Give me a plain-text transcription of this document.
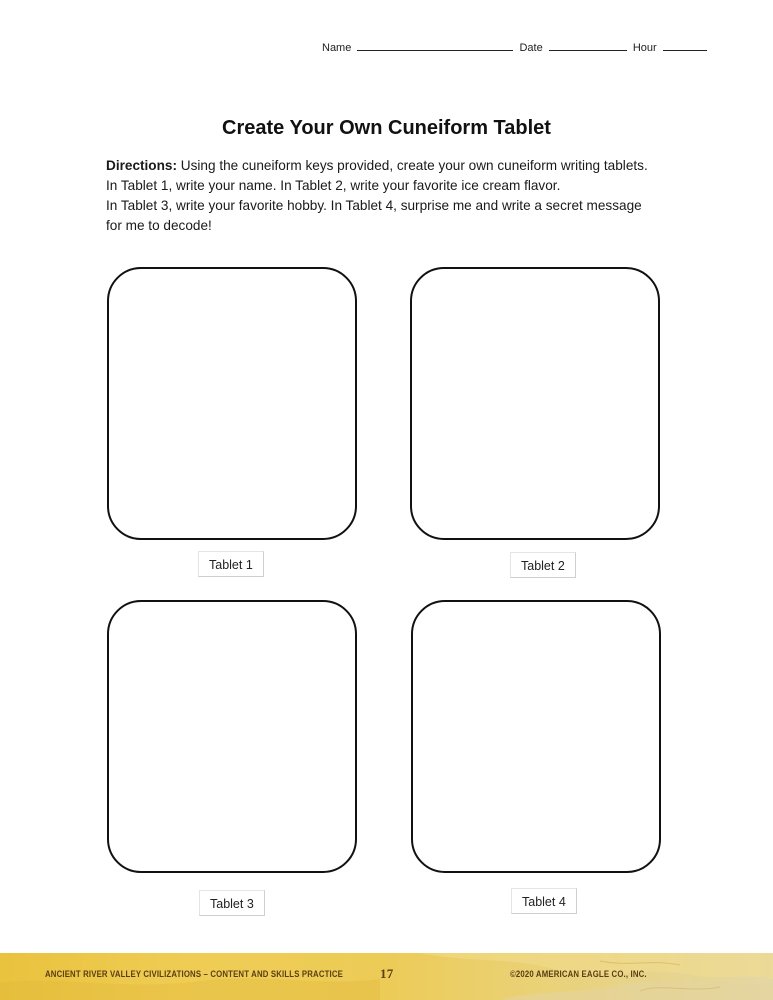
Name	Date	Hour
Create Your Own Cuneiform Tablet

Directions: Using the cuneiform keys provided, create your own cuneiform writing tablets.

In Tablet 1, write your name. In Tablet 2, write your favorite ice cream flavor.

In Tablet 3, write your favorite hobby. In Tablet 4, surprise me and write a secret message

for me to decode!

Tablet 1	Tablet 2
Tablet 3	Tablet 4
ANCIENT RIVER VALLEY CIVILIZATIONS – CONTENT AND SKILLS PRACTICE	17	©2020 AMERICAN EAGLE CO., INC.
